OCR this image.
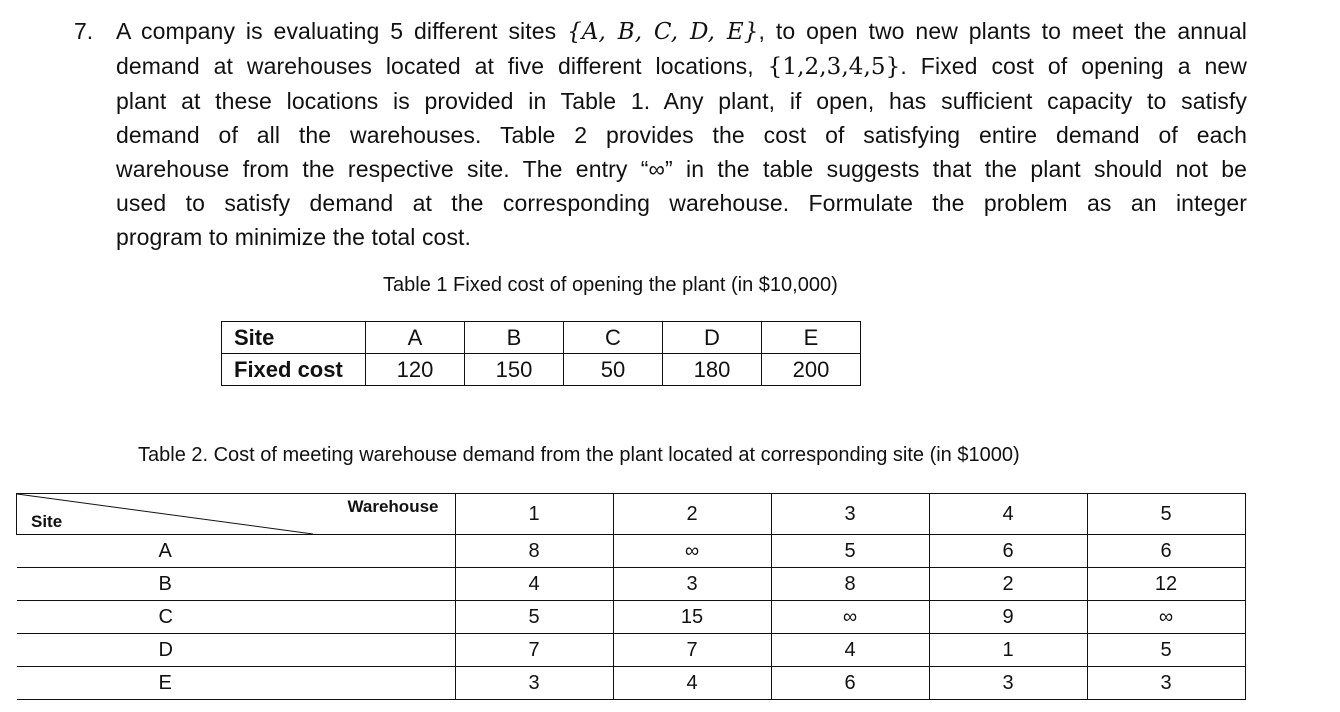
7. A company is evaluating 5 different sites {A, B, C, D, E}, to open two new plants to meet the annual
demand at warehouses located at five different locations, {1,2,3,4,5}. Fixed cost of opening a new
plant at these locations is provided in Table 1. Any plant, if open, has sufficient capacity to satisfy
demand of all the warehouses. Table 2 provides the cost of satisfying entire demand of each
warehouse from the respective site. The entry “∞” in the table suggests that the plant should not be
used to satisfy demand at the corresponding warehouse. Formulate the problem as an integer
program to minimize the total cost.
Table 1 Fixed cost of opening the plant (in $10,000)
Site	A	B	C	D	E
Fixed cost	120	150	50	180	200
Table 2. Cost of meeting warehouse demand from the plant located at corresponding site (in $1000)
Warehouse
Site	1	2	3	4	5
A	8	∞	5	6	6
B	4	3	8	2	12
C	5	15	∞	9	∞
D	7	7	4	1	5
E	3	4	6	3	3
